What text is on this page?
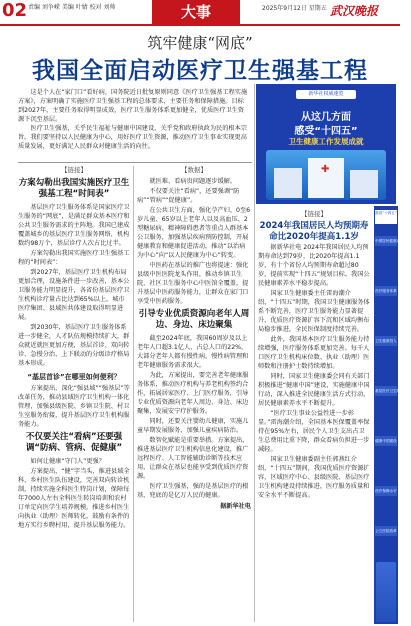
02 责编 刘争嵘 美编 叶婧 校对 刘帅	大事	2025年9月12日 星期五 武汉晚报
筑牢健康“网底”
我国全面启动医疗卫生强基工程

这是个人在“家门口”看好病，国务院近日批复原则同意《医疗卫生强基工程实施方案》，方案明确了实施医疗卫生强基工程的总体要求、主要任务和保障措施。目标到2027年，主要任务取得明显成效，医疗卫生服务体系更加健全，优质医疗卫生资源下沉至基层。

医疗卫生强基，关乎民生福祉与健康中国建设，关乎党和政府执政为民的根本宗旨。我们要坚持以人民健康为中心，用好医疗卫生资源，推动医疗卫生事业实现更高质量发展，更好满足人民群众对健康生活的向往。

【链接】
方案勾勒出我国实施医疗卫生强基工程“时间表”

基层医疗卫生服务体系是国家医疗卫生服务的“网底”，是满足群众基本医疗和公共卫生服务需求的主阵地。我国已建成覆盖城乡的基层医疗卫生服务网络，机构数约98万个，基层诊疗人次占比过半。

方案勾勒出我国实施医疗卫生强基工程的“时间表”：

到2027年，基层医疗卫生机构布局更加合理，设施条件进一步改善，基本公卫服务能力明显提升，各省份基层医疗卫生机构诊疗量占比达到65%以上，城市医疗集团、县域医共体建设取得明显进展。

到2030年，基层医疗卫生服务体系进一步健全，人才队伍规模持续扩大，群众就近就医更加方便，基层首诊、双向转诊、急慢分治、上下联动的分级诊疗格局基本形成。

“基层首诊”在哪里如何便利？

方案提出，深化“强县域”“强基层”等改革任务，推动县域医疗卫生机构一体化管理，加强县级医院、乡镇卫生院、村卫生室服务衔接，提升基层医疗卫生机构服务能力。

不仅要关注“看病”还要强调“防病、管病、促健康”

如何让健康“守门人”更强？

方案提出，“健”字当头，推进县域全科、乡村医生队伍建设，完善双向转诊机制，持续实施全科医生特岗计划，保障每年7000人左右全科医生转岗培训和农村订单定向医学生培养规模，推进乡村医生向执业（助理）医师转化，鼓励有条件的地方实行乡聘村用，提升基层服务能力。

【数据】

就医难、看病贵问题逐步缓解。

不仅要关注“看病”，还要强调“防病”“管病”“促健康”。

在公共卫生方面，强化孕产妇、0至6岁儿童、65岁以上老年人以及高血压、2型糖尿病、精神障碍患者等重点人群基本公卫服务，加强基层疾病预防控制，开展健康教育和健康促进活动，推动“以治病为中心”向“以人民健康为中心”转变。

中医药在基层的推广也将提速：强化县级中医医院龙头作用，推动乡镇卫生院、社区卫生服务中心中医馆全覆盖，提升基层中医药服务能力，让群众在家门口享受中医药服务。

引导专业优质资源向老年人周边、身边、床边聚集

截至2024年底，我国60周岁及以上老年人口超3.1亿人，占总人口的22%，大部分老年人都有慢性病，慢性病管理和老年健康服务需求很大。

为此，方案提出，要完善老年健康服务体系，推动医疗机构与养老机构签约合作，拓展居家医疗、上门医疗服务，引导专业优质资源向老年人周边、身边、床边聚集，发展安宁疗护服务。

同时，还要关注婴幼儿健康，实施儿童早期发展服务，加强儿童疾病防治。

数智化赋能是重要举措。方案提出，推进基层医疗卫生机构信息化建设，推广远程医疗、人工智能辅助诊断等技术应用，让群众在基层也能享受到优质医疗资源。

医疗卫生强基，强的是基层医疗的根基，兜底的是亿万人民的健康。

据新华社电
新华社权威速览
从这几方面
感受“十四五”
卫生健康工作发展成就
✚
【链接】
2024年我国居民人均预期寿命比2020年提高1.1岁

据新华社电 2024年我国居民人均预期寿命达到79岁，比2020年提高1.1岁，有十个省份人均预期寿命超过80岁，提前实现“十四五”规划目标。我国公民健康素养水平稳步提高。

国家卫生健康委主任雷海潮介绍，“十四五”时期，我国卫生健康服务体系不断完善，医疗卫生服务能力显著提升，优质医疗资源扩容下沉和区域均衡布局稳步推进，全民医保制度持续完善。

此外，我国基本医疗卫生服务能力持续增强，医疗服务体系更加完善。每千人口医疗卫生机构床位数、执业（助理）医师数和注册护士数持续增加。

同时，国家卫生健康委会同有关部门积极推进“健康中国”建设，实施健康中国行动，深入推进全民健康生活方式行动，居民健康素养水平不断提升。

“医疗卫生事业公益性进一步彰显。”雷海潮介绍，全国基本医保覆盖率保持在95%左右，居民个人卫生支出占卫生总费用比重下降，群众看病负担进一步减轻。

国家卫生健康委副主任郭燕红介绍，“十四五”期间，我国优质医疗资源扩容，区域医疗中心、县级医院、基层医疗卫生机构建设持续推进，医疗服务质量和安全水平不断提高。

数说“十四五”
中国居民健康素养水平
医疗服务体系
卫生健康投入
基层医疗卫生服务
健康中国建设
医疗保障水平
公立医院改革
